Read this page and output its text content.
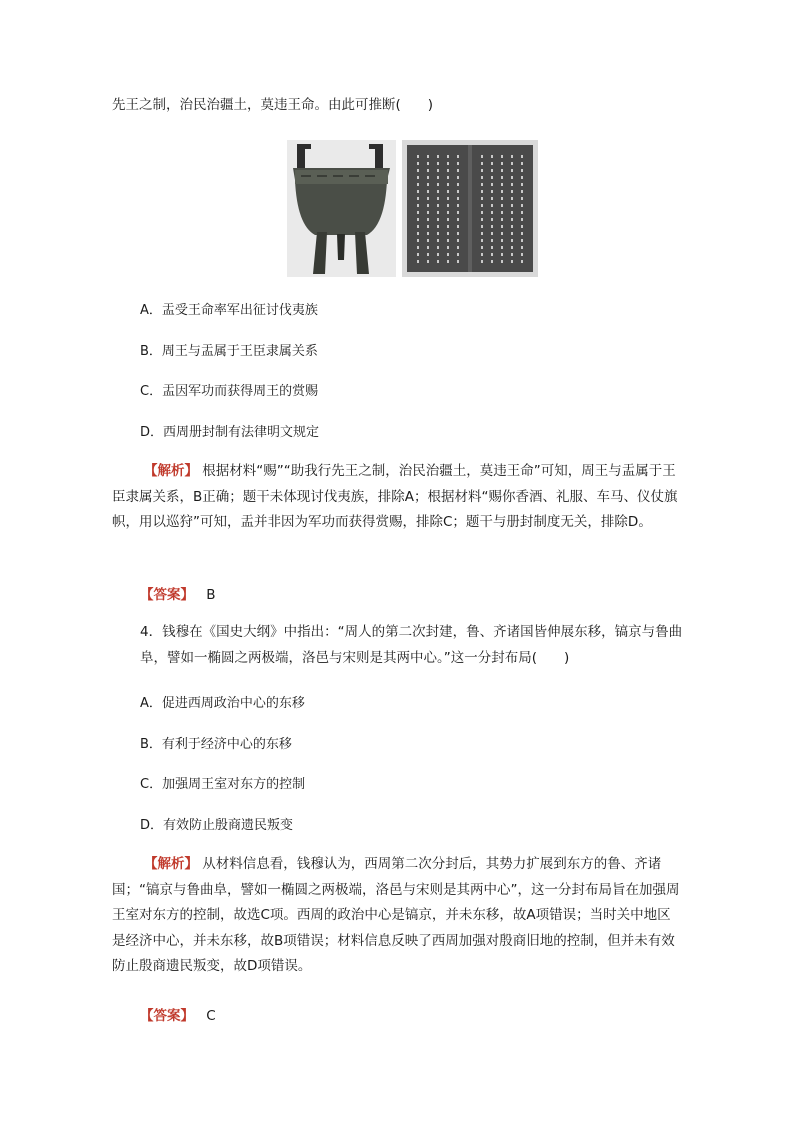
先王之制，治民治疆土，莫违王命。由此可推断(　　)
A．盂受王命率军出征讨伐夷族
B．周王与盂属于王臣隶属关系
C．盂因军功而获得周王的赏赐
D．西周册封制有法律明文规定
【解析】 根据材料“赐”“助我行先王之制，治民治疆土，莫违王命”可知，周王与盂属于王臣隶属关系，B正确；题干未体现讨伐夷族，排除A；根据材料“赐你香酒、礼服、车马、仪仗旗帜，用以巡狩”可知，盂并非因为军功而获得赏赐，排除C；题干与册封制度无关，排除D。
【答案】 B
4．钱穆在《国史大纲》中指出：“周人的第二次封建，鲁、齐诸国皆伸展东移，镐京与鲁曲阜，譬如一椭圆之两极端，洛邑与宋则是其两中心。”这一分封布局(　　)
A．促进西周政治中心的东移
B．有利于经济中心的东移
C．加强周王室对东方的控制
D．有效防止殷商遗民叛变
【解析】 从材料信息看，钱穆认为，西周第二次分封后，其势力扩展到东方的鲁、齐诸国；“镐京与鲁曲阜，譬如一椭圆之两极端，洛邑与宋则是其两中心”，这一分封布局旨在加强周王室对东方的控制，故选C项。西周的政治中心是镐京，并未东移，故A项错误；当时关中地区是经济中心，并未东移，故B项错误；材料信息反映了西周加强对殷商旧地的控制，但并未有效防止殷商遗民叛变，故D项错误。
【答案】 C
